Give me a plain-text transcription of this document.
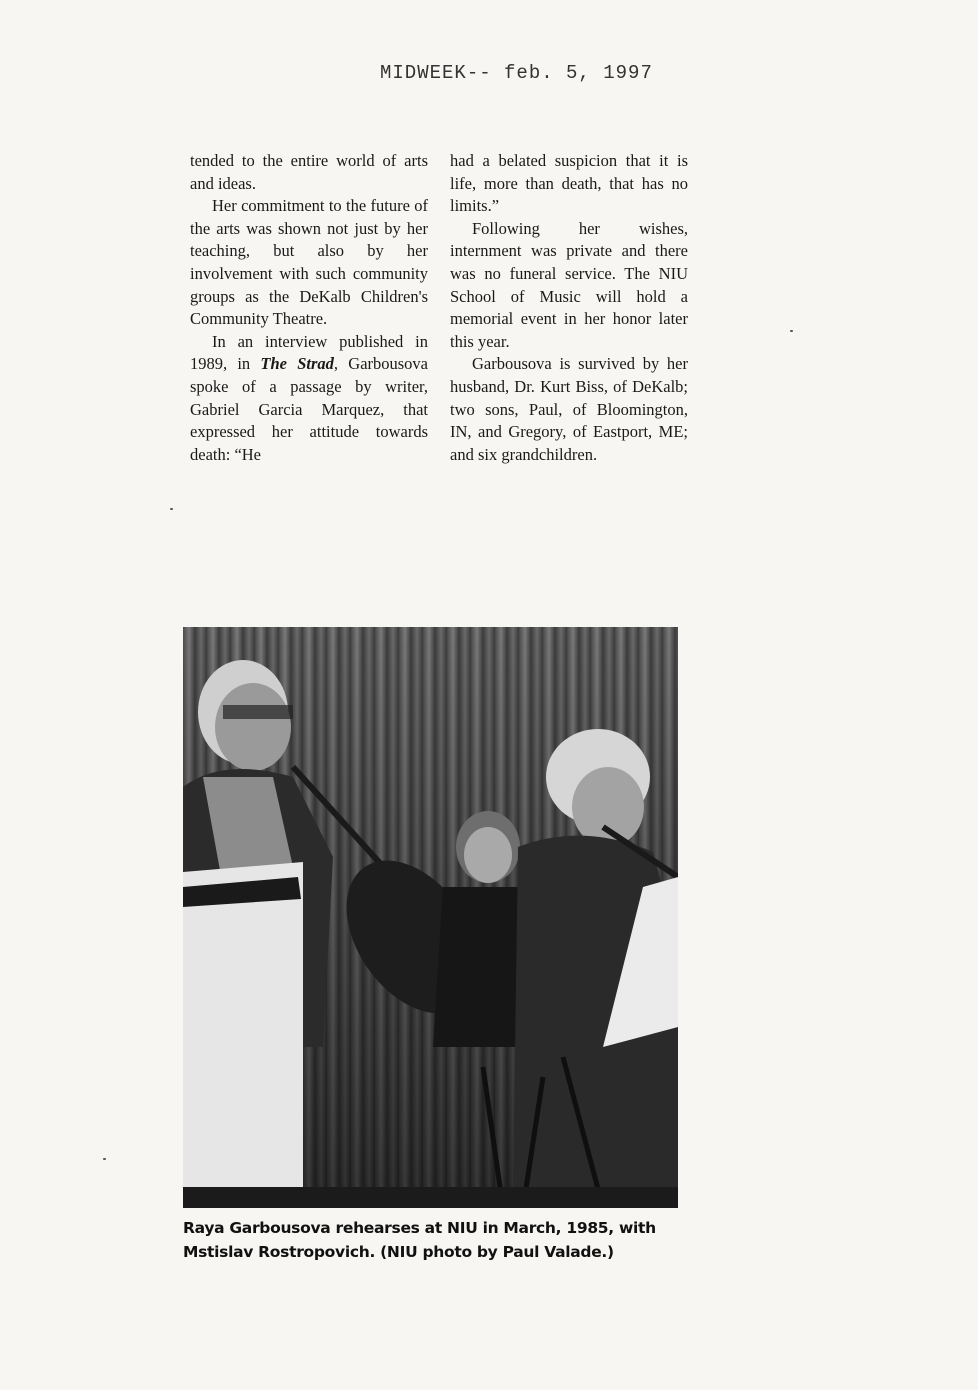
MIDWEEK-- feb. 5, 1997

tended to the entire world of arts and ideas.

Her commitment to the future of the arts was shown not just by her teaching, but also by her involvement with such community groups as the DeKalb Children's Community Theatre.

In an interview published in 1989, in The Strad, Garbousova spoke of a passage by writer, Gabriel Garcia Marquez, that expressed her attitude towards death: “He

had a belated suspicion that it is life, more than death, that has no limits.”

Following her wishes, internment was private and there was no funeral service. The NIU School of Music will hold a memorial event in her honor later this year.

Garbousova is survived by her husband, Dr. Kurt Biss, of DeKalb; two sons, Paul, of Bloomington, IN, and Gregory, of Eastport, ME; and six grandchildren.

Raya Garbousova rehearses at NIU in March, 1985, with
Mstislav Rostropovich. (NIU photo by Paul Valade.)
